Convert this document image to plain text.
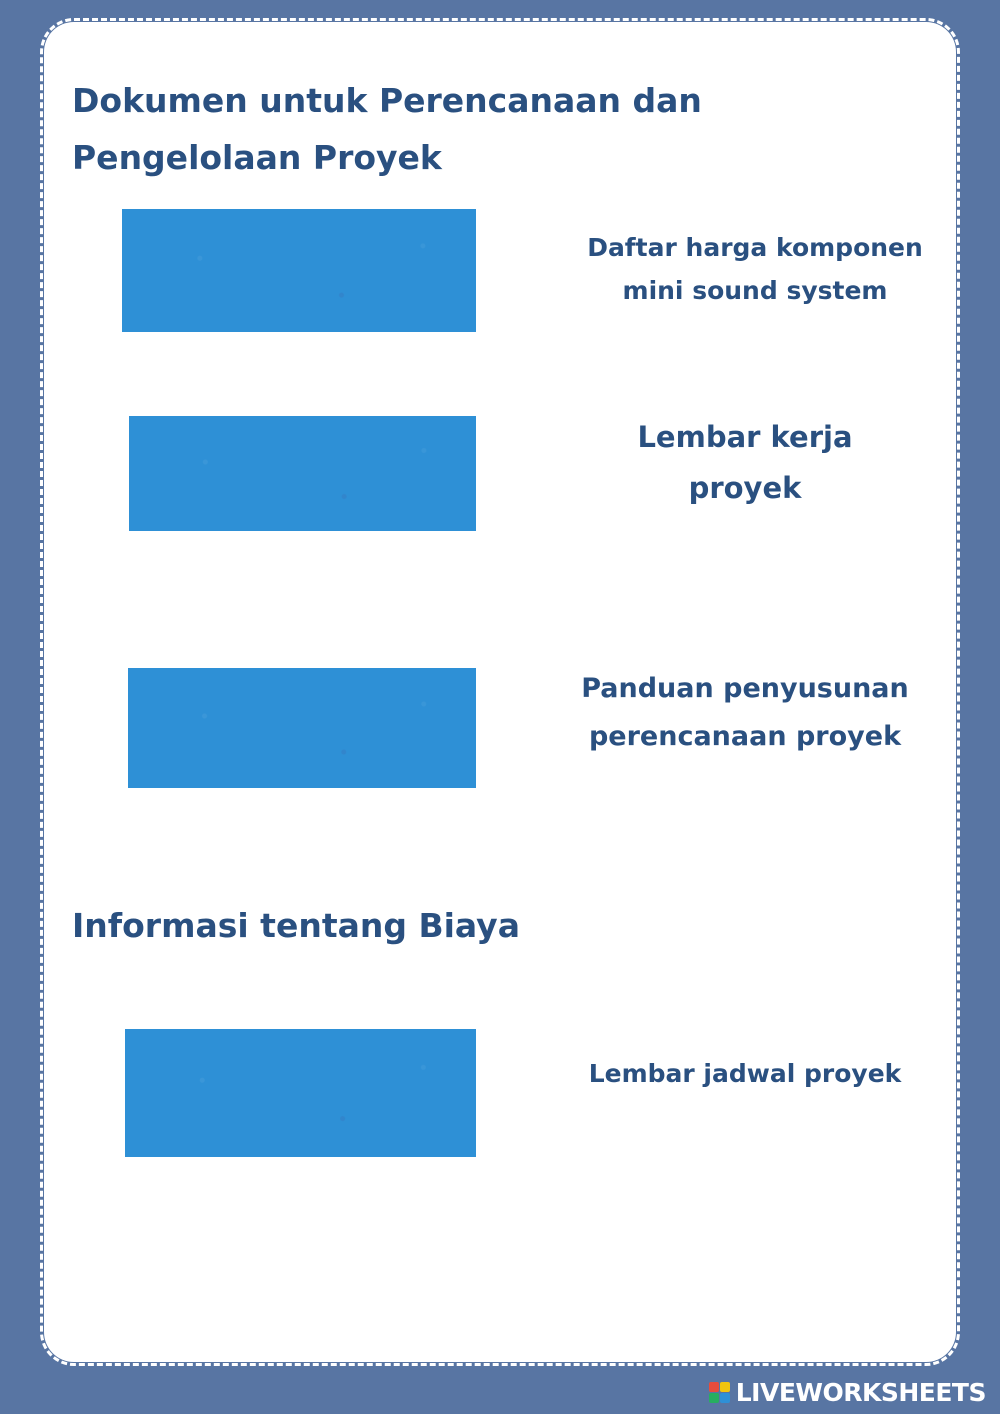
Dokumen untuk Perencanaan dan
Pengelolaan Proyek
Daftar harga komponen
mini sound system
Lembar kerja
proyek
Panduan penyusunan
perencanaan proyek
Informasi tentang Biaya
Lembar jadwal proyek
LIVEWORKSHEETS
